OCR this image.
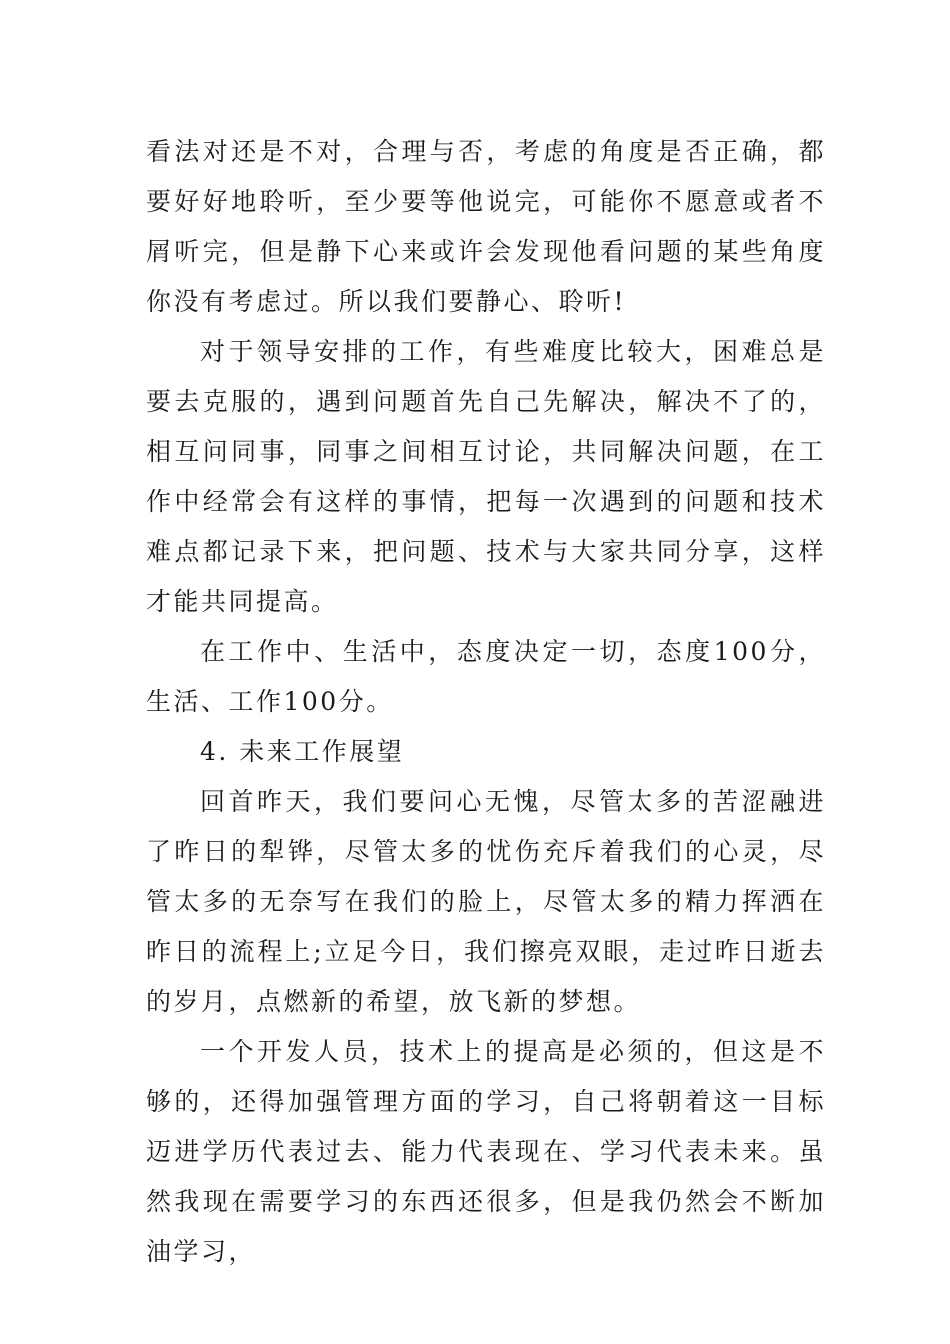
看法对还是不对，合理与否，考虑的角度是否正确，都要好好地聆听，至少要等他说完，可能你不愿意或者不屑听完，但是静下心来或许会发现他看问题的某些角度你没有考虑过。所以我们要静心、聆听!

对于领导安排的工作，有些难度比较大，困难总是要去克服的，遇到问题首先自己先解决，解决不了的，相互问同事，同事之间相互讨论，共同解决问题，在工作中经常会有这样的事情，把每一次遇到的问题和技术难点都记录下来，把问题、技术与大家共同分享，这样才能共同提高。

在工作中、生活中，态度决定一切，态度100分，生活、工作100分。

4. 未来工作展望

回首昨天，我们要问心无愧，尽管太多的苦涩融进了昨日的犁铧，尽管太多的忧伤充斥着我们的心灵，尽管太多的无奈写在我们的脸上，尽管太多的精力挥洒在昨日的流程上;立足今日，我们擦亮双眼，走过昨日逝去的岁月，点燃新的希望，放飞新的梦想。

一个开发人员，技术上的提高是必须的，但这是不够的，还得加强管理方面的学习，自己将朝着这一目标迈进学历代表过去、能力代表现在、学习代表未来。虽然我现在需要学习的东西还很多，但是我仍然会不断加油学习，
